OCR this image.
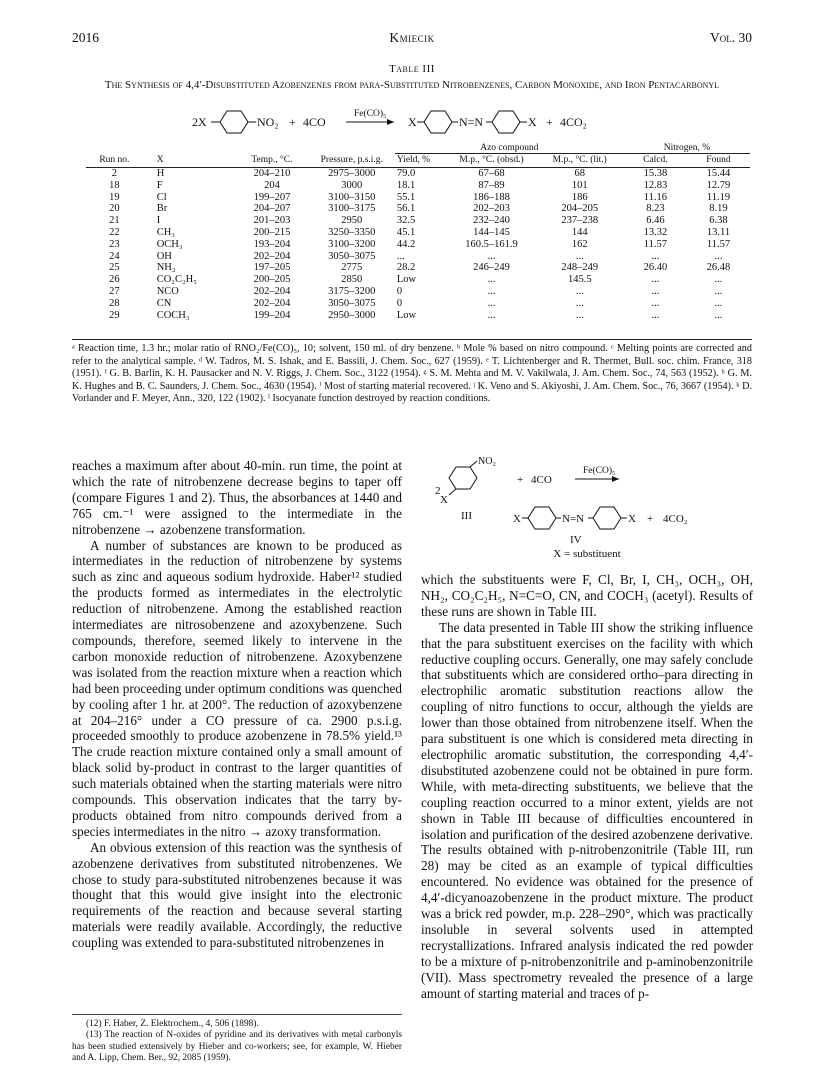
2016	Kmiecik	Vol. 30
Table III
The Synthesis of 4,4′-Disubstituted Azobenzenes from para-Substituted Nitrobenzenes, Carbon Monoxide, and Iron Pentacarbonyl
2X	NO₂ + 4CO
Fe(CO)₅
X	N=N	X + 4CO₂
				Azo compound			Nitrogen, %	
Run no.	X	Temp., °C.	Pressure, p.s.i.g.	Yield, %	M.p., °C. (obsd.)	M.p., °C. (lit.)	Calcd.	Found
2	H	204–210	2975–3000	79.0	67–68	68	15.38	15.44
18	F	204	3000	18.1	87–89	101	12.83	12.79
19	Cl	199–207	3100–3150	55.1	186–188	186	11.16	11.19
20	Br	204–207	3100–3175	56.1	202–203	204–205	8.23	8.19
21	I	201–203	2950	32.5	232–240	237–238	6.46	6.38
22	CH₃	200–215	3250–3350	45.1	144–145	144	13.32	13.11
23	OCH₃	193–204	3100–3200	44.2	160.5–161.9	162	11.57	11.57
24	OH	202–204	3050–3075	...	...	...	...	...
25	NH₂	197–205	2775	28.2	246–249	248–249	26.40	26.48
26	CO₂C₂H₅	200–205	2850	Low	...	145.5	...	...
27	NCO	202–204	3175–3200	0	...	...	...	...
28	CN	202–204	3050–3075	0	...	...	...	...
29	COCH₃	199–204	2950–3000	Low	...	...	...	...
ᵃ Reaction time, 1.3 hr.; molar ratio of RNO₂/Fe(CO)₅, 10; solvent, 150 ml. of dry benzene. ᵇ Mole % based on nitro compound. ᶜ Melting points are corrected and refer to the analytical sample. ᵈ W. Tadros, M. S. Ishak, and E. Bassili, J. Chem. Soc., 627 (1959). ᵉ T. Lichtenberger and R. Thermet, Bull. soc. chim. France, 318 (1951). ᶠ G. B. Barlin, K. H. Pausacker and N. V. Riggs, J. Chem. Soc., 3122 (1954). ᵍ S. M. Mehta and M. V. Vakilwala, J. Am. Chem. Soc., 74, 563 (1952). ʰ G. M. K. Hughes and B. C. Saunders, J. Chem. Soc., 4630 (1954). ⁱ Most of starting material recovered. ʲ K. Veno and S. Akiyoshi, J. Am. Chem. Soc., 76, 3667 (1954). ᵏ D. Vorlander and F. Meyer, Ann., 320, 122 (1902). ˡ Isocyanate function destroyed by reaction conditions.

reaches a maximum after about 40-min. run time, the point at which the rate of nitrobenzene decrease begins to taper off (compare Figures 1 and 2). Thus, the absorbances at 1440 and 765 cm.⁻¹ were assigned to the intermediate in the nitrobenzene → azobenzene transformation.

A number of substances are known to be produced as intermediates in the reduction of nitrobenzene by systems such as zinc and aqueous sodium hydroxide. Haber¹² studied the products formed as intermediates in the electrolytic reduction of nitrobenzene. Among the established reaction intermediates are nitrosobenzene and azoxybenzene. Such compounds, therefore, seemed likely to intervene in the carbon monoxide reduction of nitrobenzene. Azoxybenzene was isolated from the reaction mixture when a reaction which had been proceeding under optimum conditions was quenched by cooling after 1 hr. at 200°. The reduction of azoxybenzene at 204–216° under a CO pressure of ca. 2900 p.s.i.g. proceeded smoothly to produce azobenzene in 78.5% yield.¹³ The crude reaction mixture contained only a small amount of black solid by-product in contrast to the larger quantities of such materials obtained when the starting materials were nitro compounds. This observation indicates that the tarry by-products obtained from nitro compounds derived from a species intermediates in the nitro → azoxy transformation.

An obvious extension of this reaction was the synthesis of azobenzene derivatives from substituted nitrobenzenes. We chose to study para-substituted nitrobenzenes because it was thought that this would give insight into the electronic requirements of the reaction and because several starting materials were readily available. Accordingly, the reductive coupling was extended to para-substituted nitrobenzenes in

(12) F. Haber, Z. Elektrochem., 4, 506 (1898).

(13) The reaction of N-oxides of pyridine and its derivatives with metal carbonyls has been studied extensively by Hieber and co-workers; see, for example, W. Hieber and A. Lipp, Chem. Ber., 92, 2085 (1959).

2
NO₂
X
+ 4CO
Fe(CO)₅
III	X	N=N	X + 4CO₂
IV
X = substituent

which the substituents were F, Cl, Br, I, CH₃, OCH₃, OH, NH₂, CO₂C₂H₅, N=C=O, CN, and COCH₃ (acetyl). Results of these runs are shown in Table III.

The data presented in Table III show the striking influence that the para substituent exercises on the facility with which reductive coupling occurs. Generally, one may safely conclude that substituents which are considered ortho–para directing in electrophilic aromatic substitution reactions allow the coupling of nitro functions to occur, although the yields are lower than those obtained from nitrobenzene itself. When the para substituent is one which is considered meta directing in electrophilic aromatic substitution, the corresponding 4,4′-disubstituted azobenzene could not be obtained in pure form. While, with meta-directing substituents, we believe that the coupling reaction occurred to a minor extent, yields are not shown in Table III because of difficulties encountered in isolation and purification of the desired azobenzene derivative. The results obtained with p-nitrobenzonitrile (Table III, run 28) may be cited as an example of typical difficulties encountered. No evidence was obtained for the presence of 4,4′-dicyanoazobenzene in the product mixture. The product was a brick red powder, m.p. 228–290°, which was practically insoluble in several solvents used in attempted recrystallizations. Infrared analysis indicated the red powder to be a mixture of p-nitrobenzonitrile and p-aminobenzonitrile (VII). Mass spectrometry revealed the presence of a large amount of starting material and traces of p-
